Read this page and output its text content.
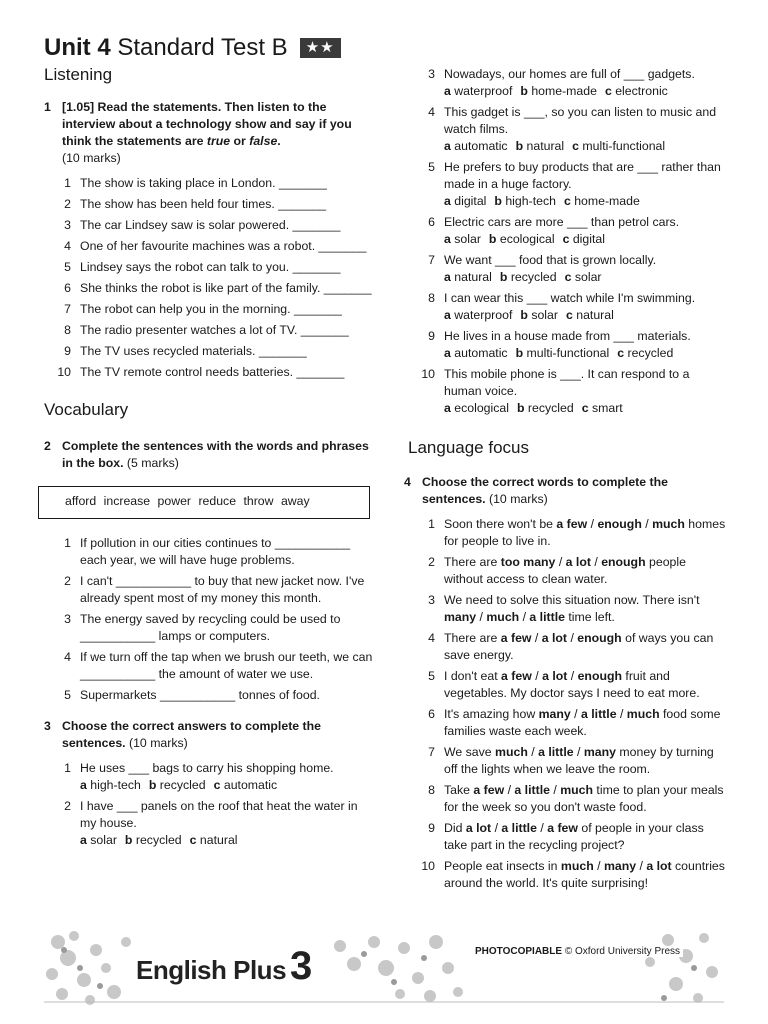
Unit 4 Standard Test B	★★
Listening
1 [1.05] Read the statements. Then listen to the interview about a technology show and say if you think the statements are true or false.
(10 marks)
1 The show is taking place in London. _______
2 The show has been held four times. _______
3 The car Lindsey saw is solar powered. _______
4 One of her favourite machines was a robot. _______
5 Lindsey says the robot can talk to you. _______
6 She thinks the robot is like part of the family. _______
7 The robot can help you in the morning. _______
8 The radio presenter watches a lot of TV. _______
9 The TV uses recycled materials. _______
10 The TV remote control needs batteries. _______
Vocabulary
2 Complete the sentences with the words and phrases in the box. (5 marks)
afford increase power reduce throw away
1 If pollution in our cities continues to ___________ each year, we will have huge problems.
2 I can't ___________ to buy that new jacket now. I've already spent most of my money this month.
3 The energy saved by recycling could be used to ___________ lamps or computers.
4 If we turn off the tap when we brush our teeth, we can ___________ the amount of water we use.
5 Supermarkets ___________ tonnes of food.
3 Choose the correct answers to complete the sentences. (10 marks)
1 He uses ___ bags to carry his shopping home.
a high-tech b recycled c automatic
2 I have ___ panels on the roof that heat the water in my house.
a solar b recycled c natural
3 Nowadays, our homes are full of ___ gadgets.
a waterproof b home-made c electronic
4 This gadget is ___, so you can listen to music and watch films.
a automatic b natural c multi-functional
5 He prefers to buy products that are ___ rather than made in a huge factory.
a digital b high-tech c home-made
6 Electric cars are more ___ than petrol cars.
a solar b ecological c digital
7 We want ___ food that is grown locally.
a natural b recycled c solar
8 I can wear this ___ watch while I'm swimming.
a waterproof b solar c natural
9 He lives in a house made from ___ materials.
a automatic b multi-functional c recycled
10 This mobile phone is ___. It can respond to a human voice.
a ecological b recycled c smart
Language focus
4 Choose the correct words to complete the sentences. (10 marks)
1 Soon there won't be a few / enough / much homes for people to live in.
2 There are too many / a lot / enough people without access to clean water.
3 We need to solve this situation now. There isn't many / much / a little time left.
4 There are a few / a lot / enough of ways you can save energy.
5 I don't eat a few / a lot / enough fruit and vegetables. My doctor says I need to eat more.
6 It's amazing how many / a little / much food some families waste each week.
7 We save much / a little / many money by turning off the lights when we leave the room.
8 Take a few / a little / much time to plan your meals for the week so you don't waste food.
9 Did a lot / a little / a few of people in your class take part in the recycling project?
10 People eat insects in much / many / a lot countries around the world. It's quite surprising!
English Plus 3	PHOTOCOPIABLE © Oxford University Press
